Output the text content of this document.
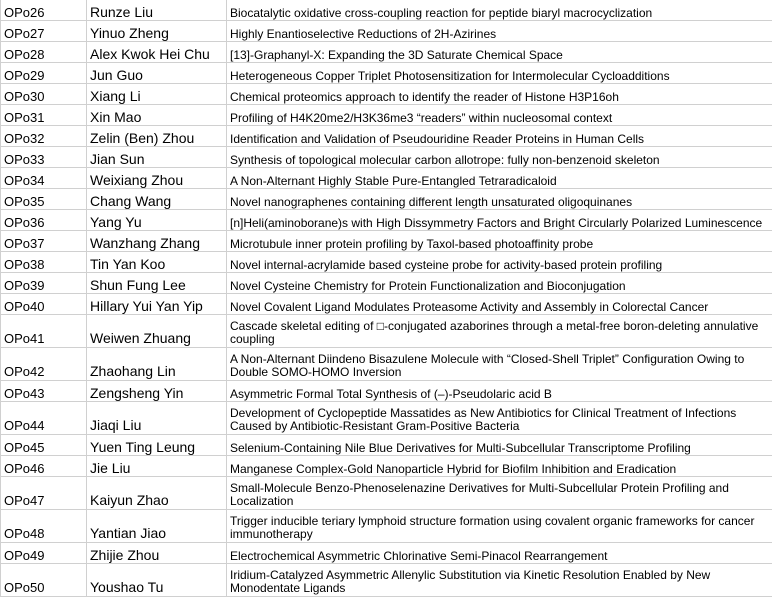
OPo26	Runze Liu	Biocatalytic oxidative cross-coupling reaction for peptide biaryl macrocyclization
OPo27	Yinuo Zheng	Highly Enantioselective Reductions of 2H-Azirines
OPo28	Alex Kwok Hei Chu	[13]-Graphanyl-X: Expanding the 3D Saturate Chemical Space
OPo29	Jun Guo	Heterogeneous Copper Triplet Photosensitization for Intermolecular Cycloadditions
OPo30	Xiang Li	Chemical proteomics approach to identify the reader of Histone H3P16oh
OPo31	Xin Mao	Profiling of H4K20me2/H3K36me3 “readers” within nucleosomal context
OPo32	Zelin (Ben) Zhou	Identification and Validation of Pseudouridine Reader Proteins in Human Cells
OPo33	Jian Sun	Synthesis of topological molecular carbon allotrope: fully non-benzenoid skeleton
OPo34	Weixiang Zhou	A Non-Alternant Highly Stable Pure-Entangled Tetraradicaloid
OPo35	Chang Wang	Novel nanographenes containing different length unsaturated oligoquinanes
OPo36	Yang Yu	[n]Heli(aminoborane)s with High Dissymmetry Factors and Bright Circularly Polarized Luminescence
OPo37	Wanzhang Zhang	Microtubule inner protein profiling by Taxol-based photoaffinity probe
OPo38	Tin Yan Koo	Novel internal-acrylamide based cysteine probe for activity-based protein profiling
OPo39	Shun Fung Lee	Novel Cysteine Chemistry for Protein Functionalization and Bioconjugation
OPo40	Hillary Yui Yan Yip	Novel Covalent Ligand Modulates Proteasome Activity and Assembly in Colorectal Cancer
OPo41	Weiwen Zhuang	Cascade skeletal editing of □-conjugated azaborines through a metal-free boron-deleting annulative coupling
OPo42	Zhaohang Lin	A Non-Alternant Diindeno Bisazulene Molecule with “Closed-Shell Triplet” Configuration Owing to Double SOMO-HOMO Inversion
OPo43	Zengsheng Yin	Asymmetric Formal Total Synthesis of (–)-Pseudolaric acid B
OPo44	Jiaqi Liu	Development of Cyclopeptide Massatides as New Antibiotics for Clinical Treatment of Infections Caused by Antibiotic-Resistant Gram-Positive Bacteria
OPo45	Yuen Ting Leung	Selenium-Containing Nile Blue Derivatives for Multi-Subcellular Transcriptome Profiling
OPo46	Jie Liu	Manganese Complex-Gold Nanoparticle Hybrid for Biofilm Inhibition and Eradication
OPo47	Kaiyun Zhao	Small-Molecule Benzo-Phenoselenazine Derivatives for Multi-Subcellular Protein Profiling and Localization
OPo48	Yantian Jiao	Trigger inducible teriary lymphoid structure formation using covalent organic frameworks for cancer immunotherapy
OPo49	Zhijie Zhou	Electrochemical Asymmetric Chlorinative Semi-Pinacol Rearrangement
OPo50	Youshao Tu	Iridium-Catalyzed Asymmetric Allenylic Substitution via Kinetic Resolution Enabled by New Monodentate Ligands
